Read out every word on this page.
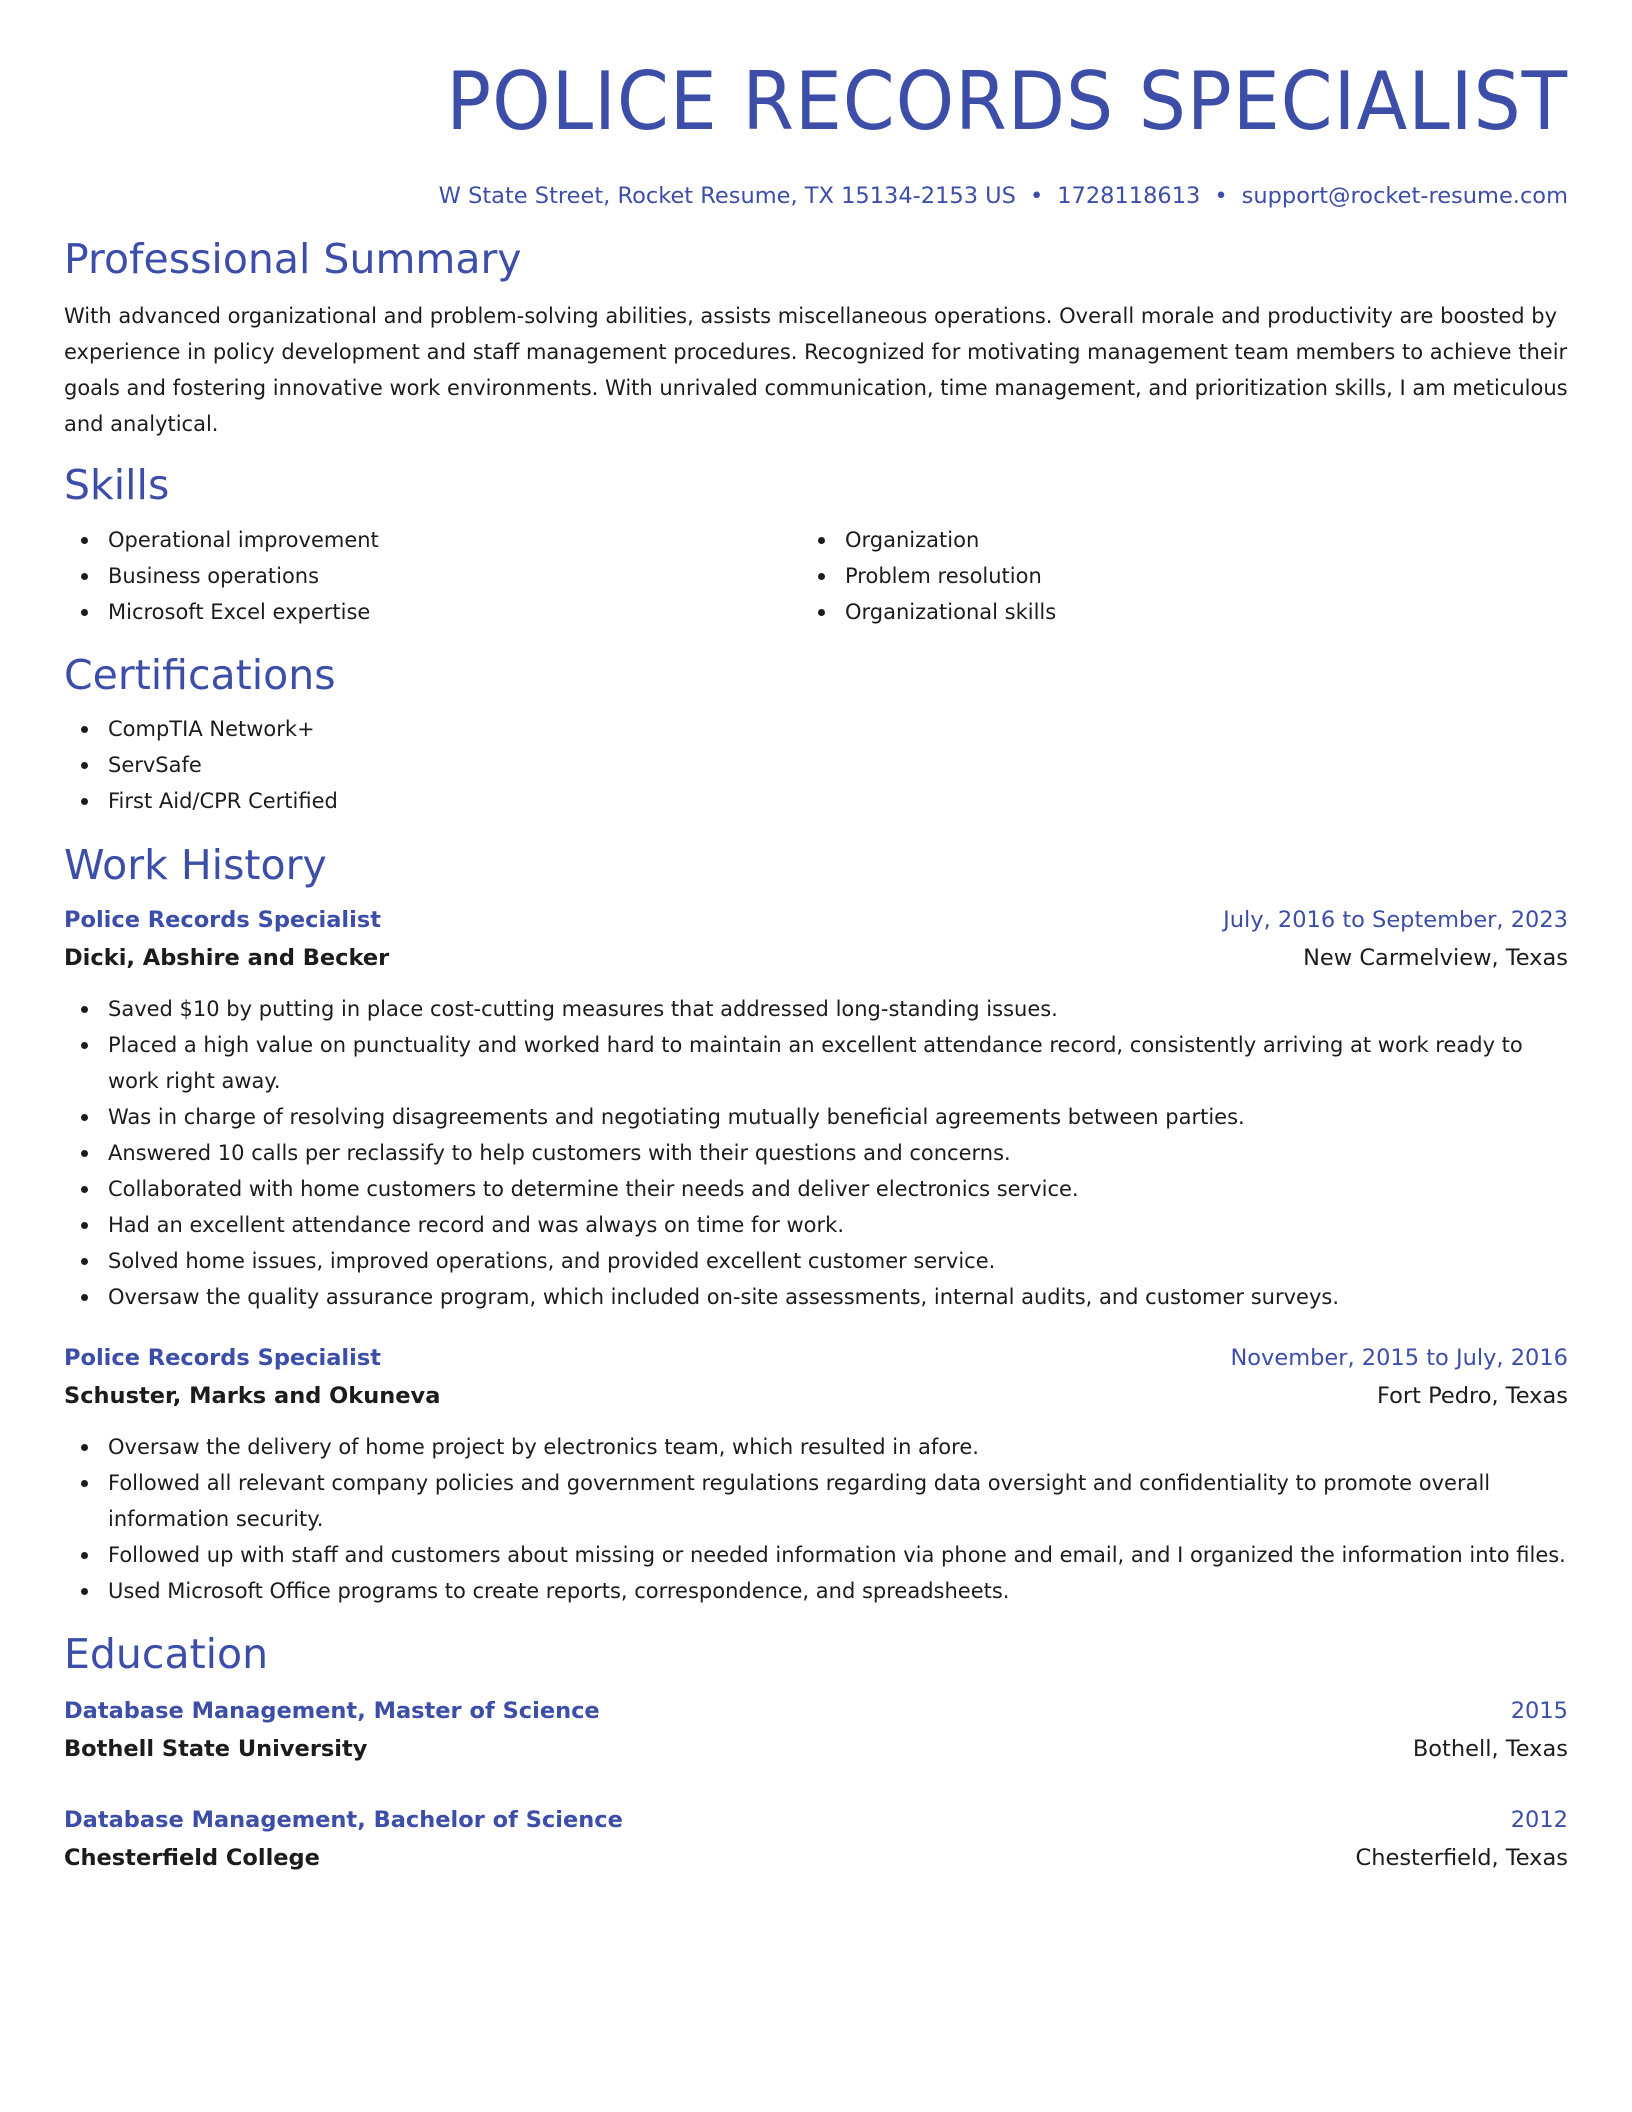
POLICE RECORDS SPECIALIST
W State Street, Rocket Resume, TX 15134-2153 US • 1728118613 • support@rocket-resume.com
Professional Summary

With advanced organizational and problem-solving abilities, assists miscellaneous operations. Overall morale and productivity are boosted by experience in policy development and staff management procedures. Recognized for motivating management team members to achieve their goals and fostering innovative work environments. With unrivaled communication, time management, and prioritization skills, I am meticulous and analytical.

Skills
Operational improvement
Business operations
Microsoft Excel expertise
Organization
Problem resolution
Organizational skills
Certifications
CompTIA Network+
ServSafe
First Aid/CPR Certified
Work History
Police Records Specialist	July, 2016 to September, 2023
Dicki, Abshire and Becker	New Carmelview, Texas
Saved $10 by putting in place cost-cutting measures that addressed long-standing issues.
Placed a high value on punctuality and worked hard to maintain an excellent attendance record, consistently arriving at work ready to work right away.
Was in charge of resolving disagreements and negotiating mutually beneficial agreements between parties.
Answered 10 calls per reclassify to help customers with their questions and concerns.
Collaborated with home customers to determine their needs and deliver electronics service.
Had an excellent attendance record and was always on time for work.
Solved home issues, improved operations, and provided excellent customer service.
Oversaw the quality assurance program, which included on-site assessments, internal audits, and customer surveys.
Police Records Specialist	November, 2015 to July, 2016
Schuster, Marks and Okuneva	Fort Pedro, Texas
Oversaw the delivery of home project by electronics team, which resulted in afore.
Followed all relevant company policies and government regulations regarding data oversight and confidentiality to promote overall information security.
Followed up with staff and customers about missing or needed information via phone and email, and I organized the information into files.
Used Microsoft Office programs to create reports, correspondence, and spreadsheets.
Education
Database Management, Master of Science	2015
Bothell State University	Bothell, Texas
Database Management, Bachelor of Science	2012
Chesterfield College	Chesterfield, Texas
